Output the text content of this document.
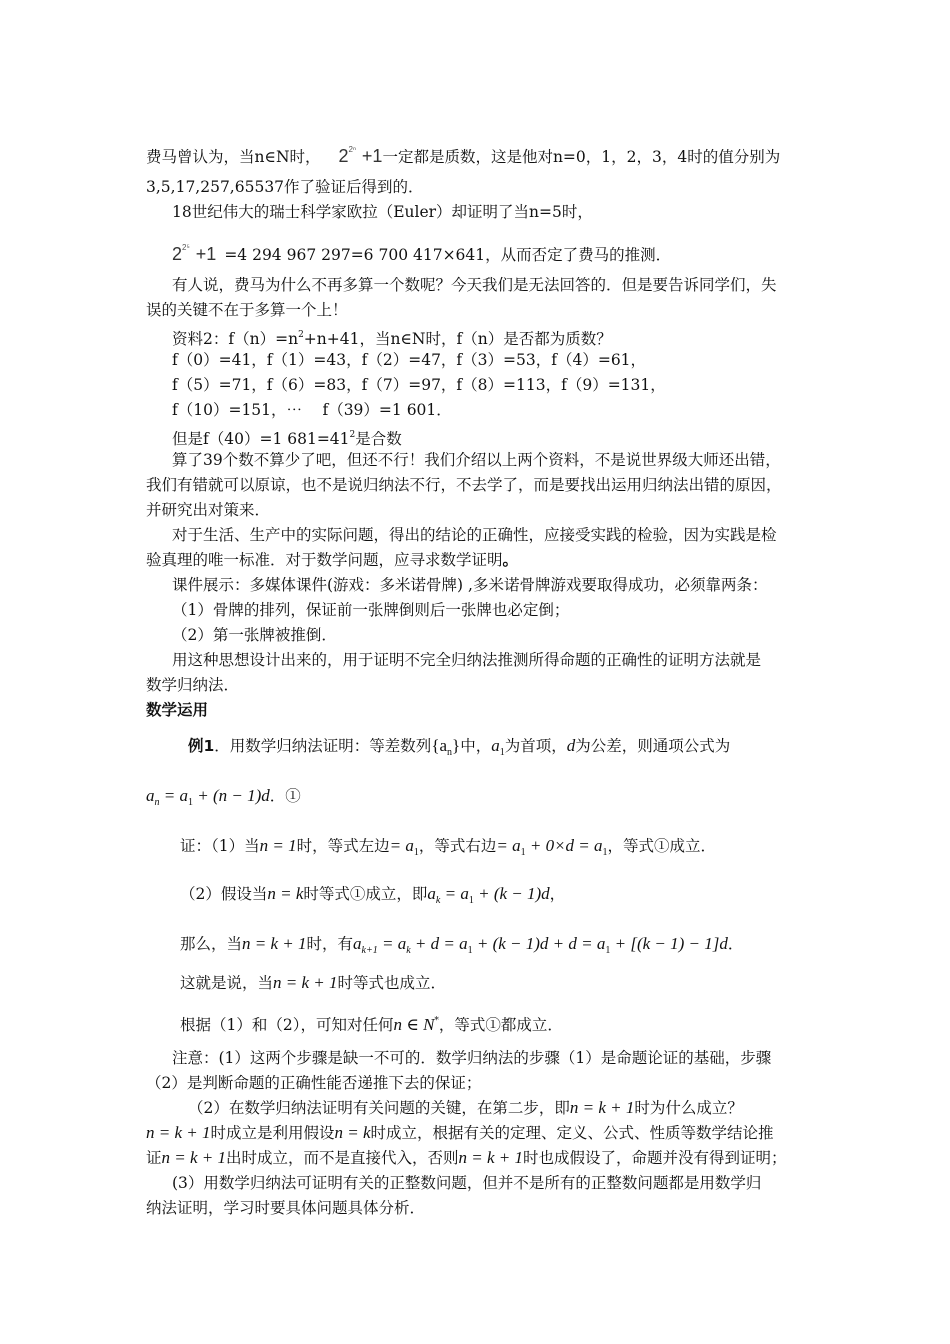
费马曾认为，当n∈N时， $2^{2^n} +1$一定都是质数，这是他对n=0，1，2，3，4时的值分别为
3,5,17,257,65537作了验证后得到的．
18世纪伟大的瑞士科学家欧拉（Euler）却证明了当n=5时，
$2^{2^5} +1 =4$ 294 967 297=6 700 417×641，从而否定了费马的推测．
有人说，费马为什么不再多算一个数呢？今天我们是无法回答的．但是要告诉同学们，失
误的关键不在于多算一个上！
资料2：$f(n)=n^2+n+41$，当n∈N时，f（n）是否都为质数？
f（0）=41，f（1）=43，f（2）=47，f（3）=53，f（4）=61，
f（5）=71，f（6）=83，f（7）=97，f（8）=113，f（9）=131，
f（10）=151，⋯　 f（39）=1 601．
但是f（40）=1 $681=41^2$是合数
算了39个数不算少了吧，但还不行！我们介绍以上两个资料，不是说世界级大师还出错，
我们有错就可以原谅，也不是说归纳法不行，不去学了，而是要找出运用归纳法出错的原因，
并研究出对策来．
对于生活、生产中的实际问题，得出的结论的正确性，应接受实践的检验，因为实践是检
验真理的唯一标准．对于数学问题，应寻求数学证明。
课件展示：多媒体课件(游戏：多米诺骨牌) ,多米诺骨牌游戏要取得成功，必须靠两条：
（1）骨牌的排列，保证前一张牌倒则后一张牌也必定倒；
（2）第一张牌被推倒．
用这种思想设计出来的，用于证明不完全归纳法推测所得命题的正确性的证明方法就是
数学归纳法．
数学运用
例1．用数学归纳法证明：等差数列$\{a_n\}$中，$a_1$为首项，d为公差，则通项公式为
$a_n = a_1 + (n - 1)d$．①
证：（1）当n = 1时，等式左边= $a_1$，等式右边= $a_1 + 0\times d = a_1$，等式①成立．
（2）假设当n = k时等式①成立，即$a_k = a_1 + (k - 1)d$，
那么，当n = k + 1时，有$a_{k+1} = a_k + d = a_1 + (k - 1)d + d = a_1 + [(k - 1) - 1]d$．
这就是说，当n = k + 1时等式也成立．
根据（1）和（2），可知对任何n ∈ N*，等式①都成立．
注意：(1）这两个步骤是缺一不可的．数学归纳法的步骤（1）是命题论证的基础，步骤
（2）是判断命题的正确性能否递推下去的保证；
（2）在数学归纳法证明有关问题的关键，在第二步，即n = k + 1时为什么成立？
n = k + 1时成立是利用假设n = k时成立，根据有关的定理、定义、公式、性质等数学结论推
证n = k + 1出时成立，而不是直接代入，否则n = k + 1时也成假设了，命题并没有得到证明；
(3）用数学归纳法可证明有关的正整数问题，但并不是所有的正整数问题都是用数学归
纳法证明，学习时要具体问题具体分析．
